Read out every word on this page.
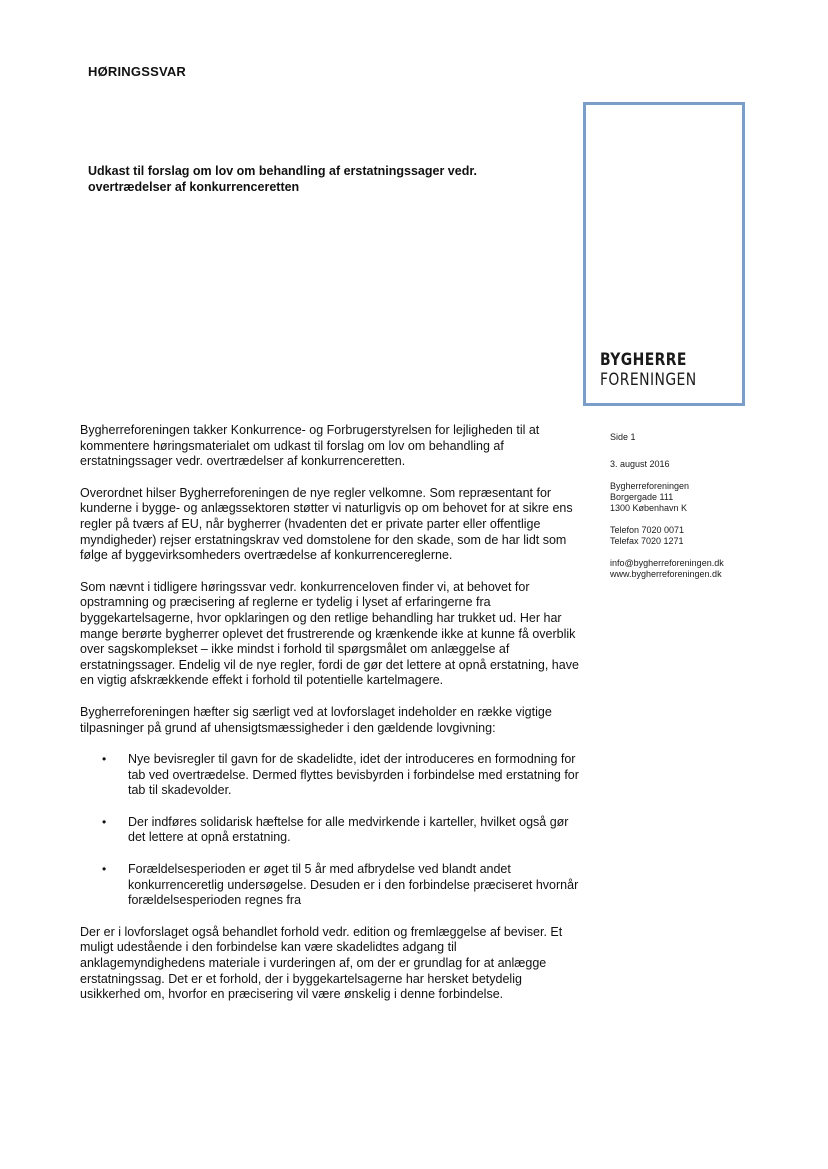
HØRINGSSVAR
Udkast til forslag om lov om behandling af erstatningssager vedr. overtrædelser af konkurrenceretten
BYGHERRE
FORENINGEN
Side 1
3. august 2016
Bygherreforeningen
Borgergade 111
1300 København K
Telefon 7020 0071
Telefax 7020 1271
info@bygherreforeningen.dk
www.bygherreforeningen.dk

Bygherreforeningen takker Konkurrence- og Forbrugerstyrelsen for lejligheden til at kommentere høringsmaterialet om udkast til forslag om lov om behandling af erstatningssager vedr. overtrædelser af konkurrenceretten.

Overordnet hilser Bygherreforeningen de nye regler velkomne. Som repræsentant for kunderne i bygge- og anlægssektoren støtter vi naturligvis op om behovet for at sikre ens regler på tværs af EU, når bygherrer (hvadenten det er private parter eller offentlige myndigheder) rejser erstatningskrav ved domstolene for den skade, som de har lidt som følge af byggevirksomheders overtrædelse af konkurrencereglerne.

Som nævnt i tidligere høringssvar vedr. konkurrenceloven finder vi, at behovet for opstramning og præcisering af reglerne er tydelig i lyset af erfaringerne fra byggekartelsagerne, hvor opklaringen og den retlige behandling har trukket ud. Her har mange berørte bygherrer oplevet det frustrerende og krænkende ikke at kunne få overblik over sagskomplekset – ikke mindst i forhold til spørgsmålet om anlæggelse af erstatningssager. Endelig vil de nye regler, fordi de gør det lettere at opnå erstatning, have en vigtig afskrækkende effekt i forhold til potentielle kartelmagere.

Bygherreforeningen hæfter sig særligt ved at lovforslaget indeholder en række vigtige tilpasninger på grund af uhensigtsmæssigheder i den gældende lovgivning:

• Nye bevisregler til gavn for de skadelidte, idet der introduceres en formodning for tab ved overtrædelse. Dermed flyttes bevisbyrden i forbindelse med erstatning for tab til skadevolder.
• Der indføres solidarisk hæftelse for alle medvirkende i karteller, hvilket også gør det lettere at opnå erstatning.
• Forældelsesperioden er øget til 5 år med afbrydelse ved blandt andet konkurrenceretlig undersøgelse. Desuden er i den forbindelse præciseret hvornår forældelsesperioden regnes fra

Der er i lovforslaget også behandlet forhold vedr. edition og fremlæggelse af beviser. Et muligt udestående i den forbindelse kan være skadelidtes adgang til anklagemyndighedens materiale i vurderingen af, om der er grundlag for at anlægge erstatningssag. Det er et forhold, der i byggekartelsagerne har hersket betydelig usikkerhed om, hvorfor en præcisering vil være ønskelig i denne forbindelse.
